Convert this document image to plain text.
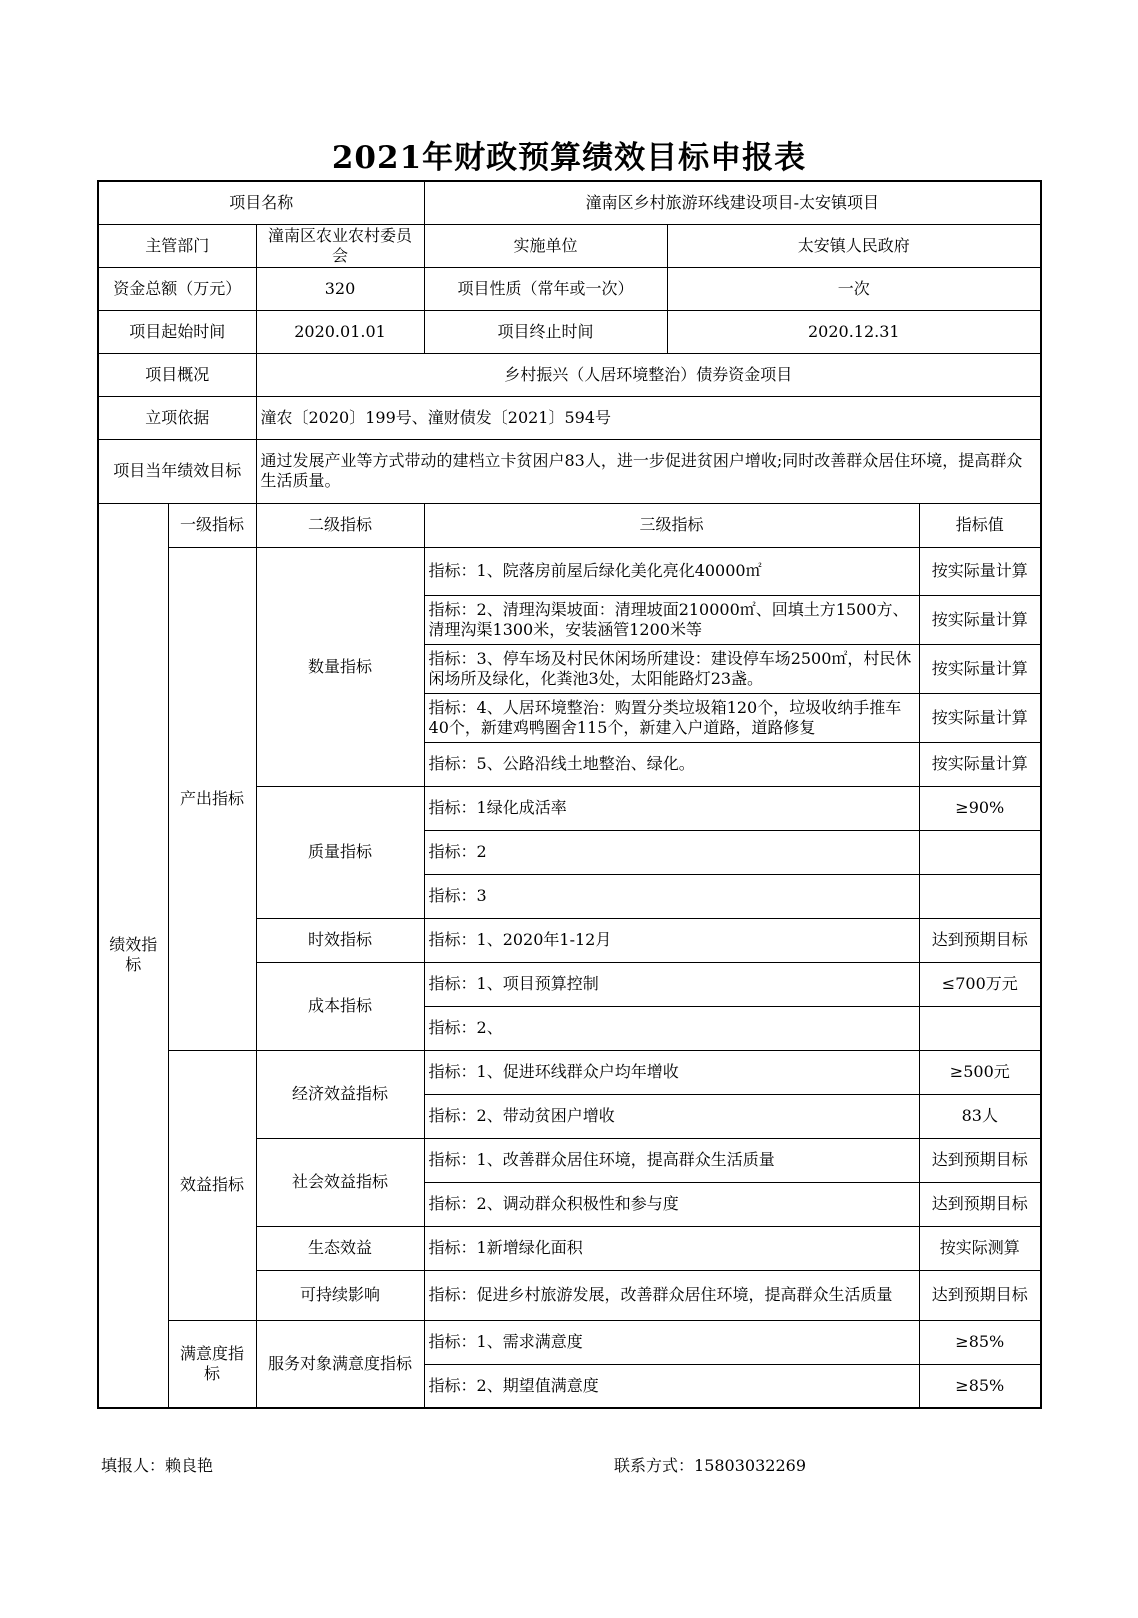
2021年财政预算绩效目标申报表
项目名称			潼南区乡村旅游环线建设项目-太安镇项目		
主管部门		潼南区农业农村委员会	实施单位	太安镇人民政府	
资金总额（万元）		320	项目性质（常年或一次）	一次	
项目起始时间		2020.01.01	项目终止时间	2020.12.31	
项目概况		乡村振兴（人居环境整治）债券资金项目			
立项依据		潼农〔2020〕199号、潼财债发〔2021〕594号			
项目当年绩效目标		通过发展产业等方式带动的建档立卡贫困户83人，进一步促进贫困户增收;同时改善群众居住环境，提高群众生活质量。			
绩效指标	一级指标	二级指标	三级指标		指标值
	产出指标	数量指标	指标：1、院落房前屋后绿化美化亮化40000㎡		按实际量计算
			指标：2、清理沟渠坡面：清理坡面210000㎡、回填土方1500方、清理沟渠1300米，安装涵管1200米等		按实际量计算
			指标：3、停车场及村民休闲场所建设：建设停车场2500㎡，村民休闲场所及绿化，化粪池3处，太阳能路灯23盏。		按实际量计算
			指标：4、人居环境整治：购置分类垃圾箱120个，垃圾收纳手推车40个，新建鸡鸭圈舍115个，新建入户道路，道路修复		按实际量计算
			指标：5、公路沿线土地整治、绿化。		按实际量计算
		质量指标	指标：1绿化成活率		≥90%
			指标：2		
			指标：3		
		时效指标	指标：1、2020年1-12月		达到预期目标
		成本指标	指标：1、项目预算控制		≤700万元
			指标：2、		
	效益指标	经济效益指标	指标：1、促进环线群众户均年增收		≥500元
			指标：2、带动贫困户增收		83人
		社会效益指标	指标：1、改善群众居住环境，提高群众生活质量		达到预期目标
			指标：2、调动群众积极性和参与度		达到预期目标
		生态效益	指标：1新增绿化面积		按实际测算
		可持续影响	指标：促进乡村旅游发展，改善群众居住环境，提高群众生活质量		达到预期目标
	满意度指标	服务对象满意度指标	指标：1、需求满意度		≥85%
			指标：2、期望值满意度		≥85%
填报人：赖良艳	联系方式：15803032269
